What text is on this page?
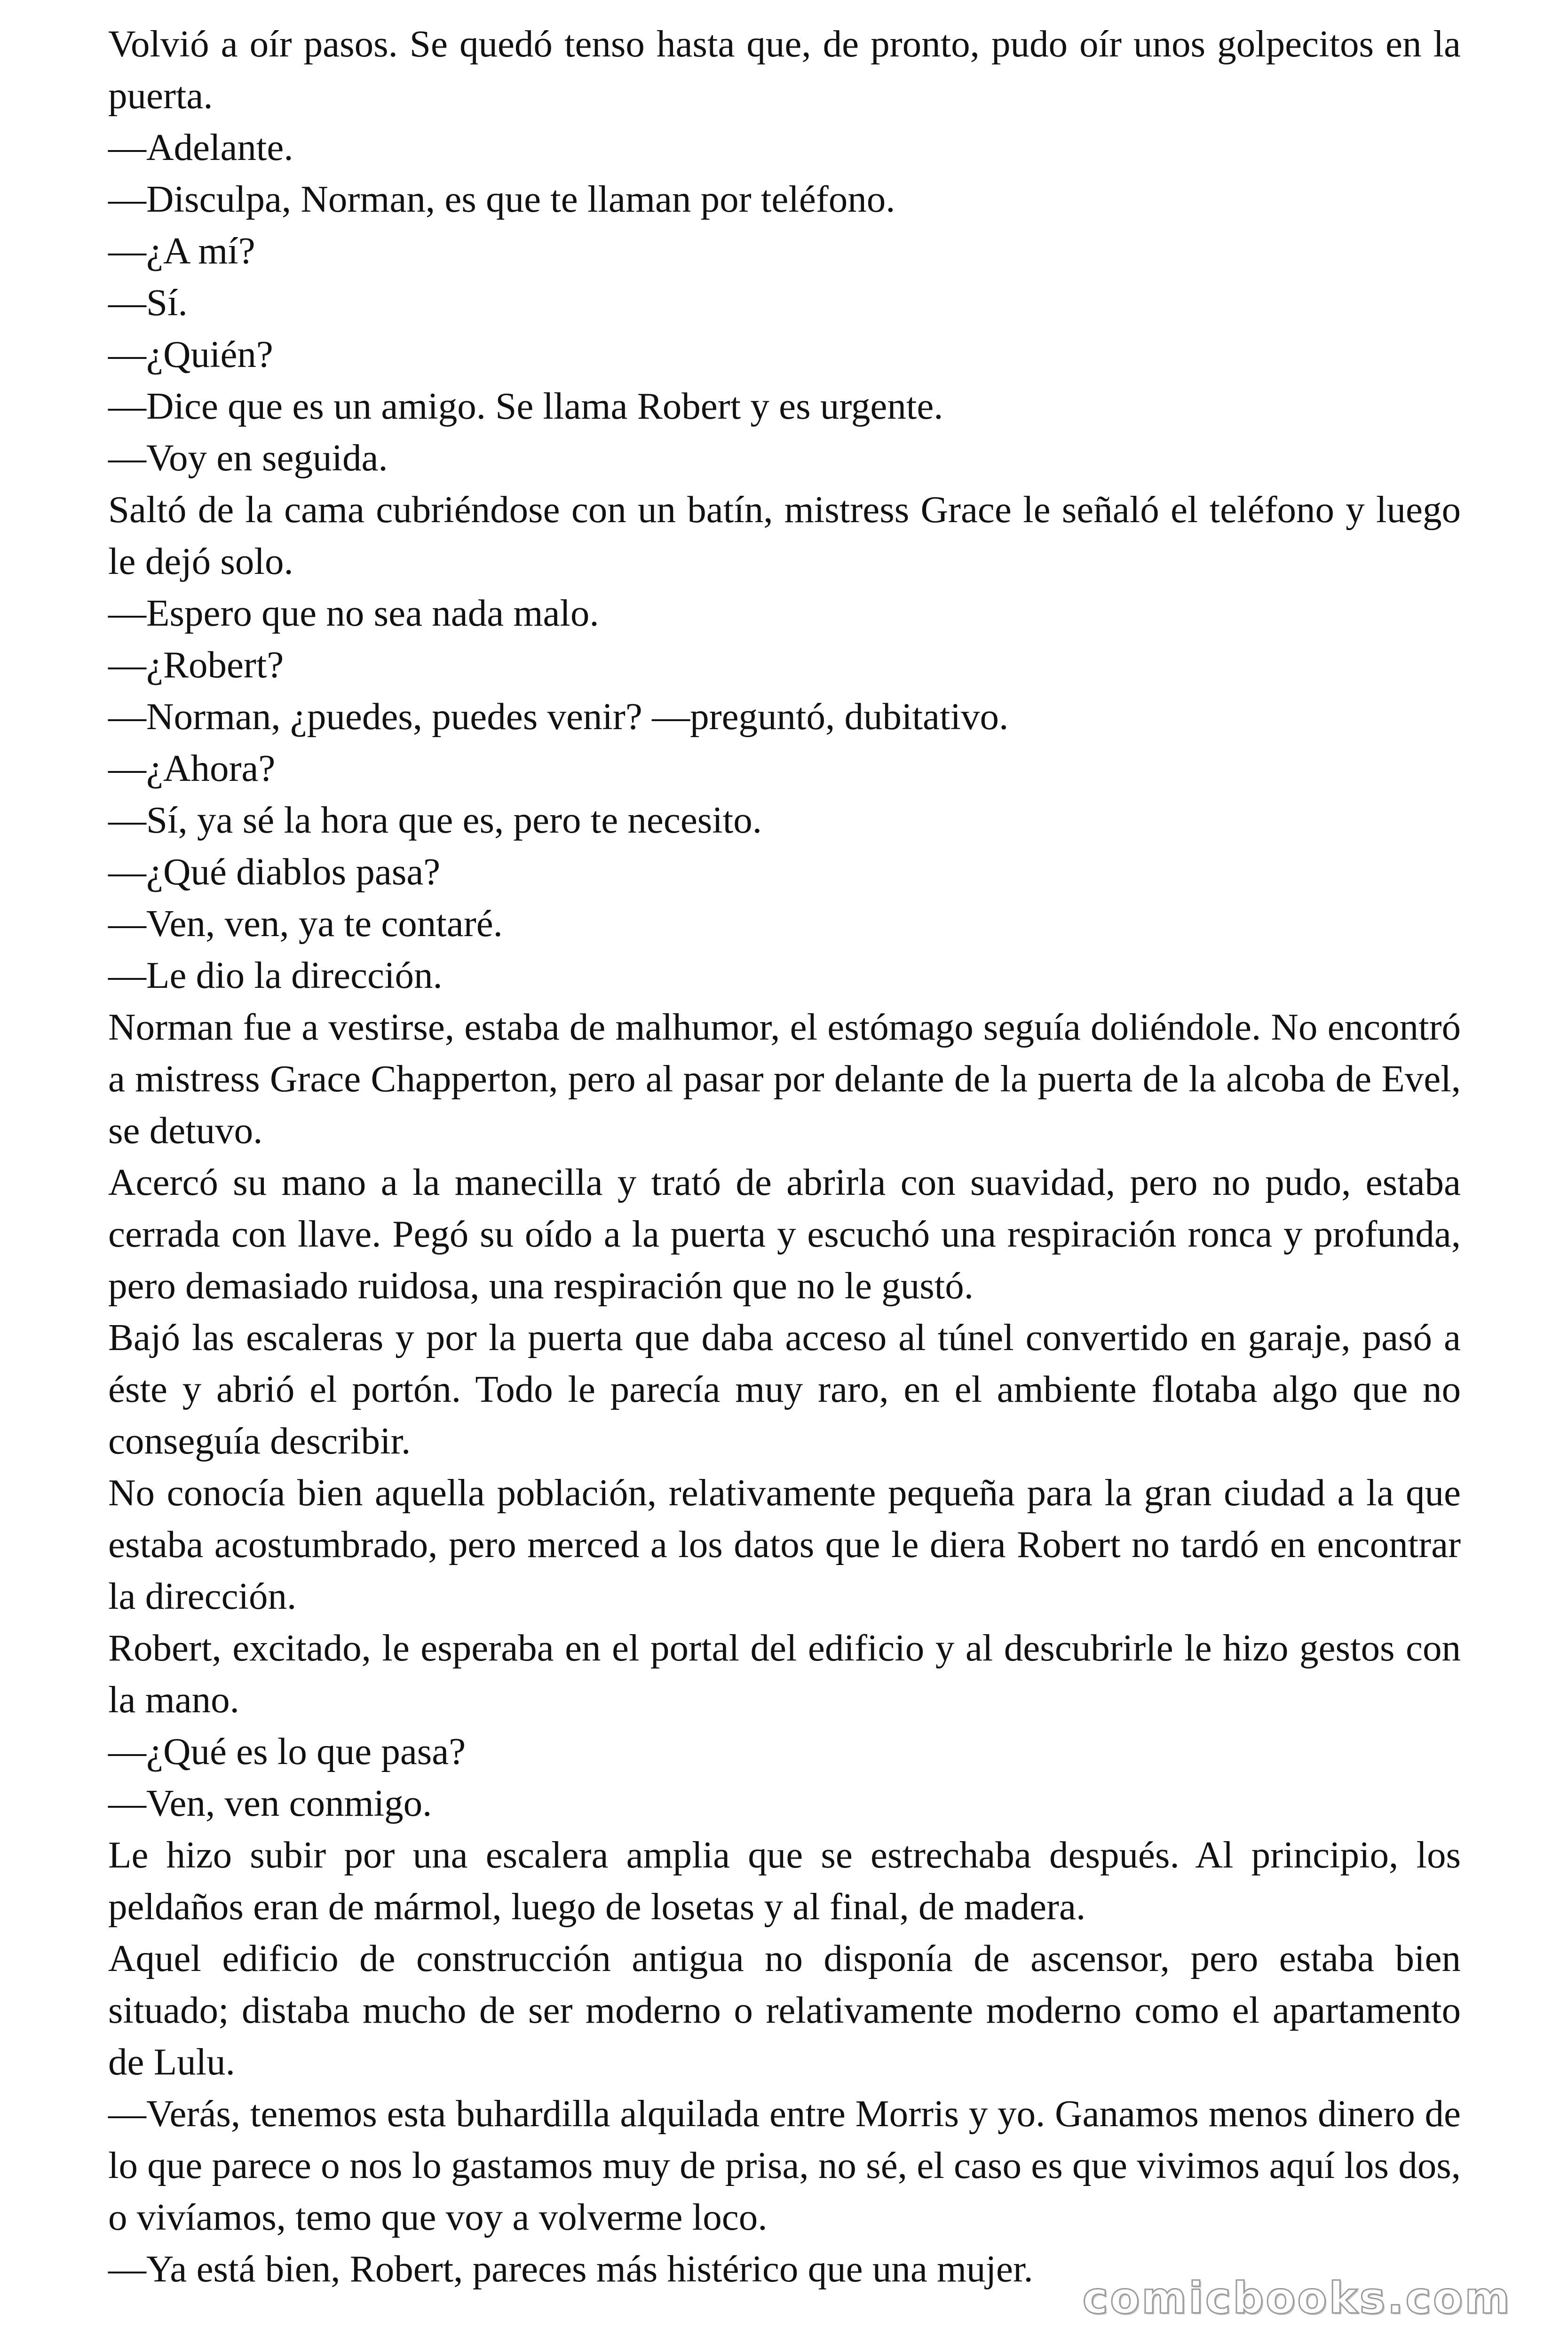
Volvió a oír pasos. Se quedó tenso hasta que, de pronto, pudo oír unos golpecitos en la puerta.

—Adelante.

—Disculpa, Norman, es que te llaman por teléfono.

—¿A mí?

—Sí.

—¿Quién?

—Dice que es un amigo. Se llama Robert y es urgente.

—Voy en seguida.

Saltó de la cama cubriéndose con un batín, mistress Grace le señaló el teléfono y luego le dejó solo.

—Espero que no sea nada malo.

—¿Robert?

—Norman, ¿puedes, puedes venir? —preguntó, dubitativo.

—¿Ahora?

—Sí, ya sé la hora que es, pero te necesito.

—¿Qué diablos pasa?

—Ven, ven, ya te contaré.

—Le dio la dirección.

Norman fue a vestirse, estaba de malhumor, el estómago seguía doliéndole. No encontró a mistress Grace Chapperton, pero al pasar por delante de la puerta de la alcoba de Evel, se detuvo.

Acercó su mano a la manecilla y trató de abrirla con suavidad, pero no pudo, estaba cerrada con llave. Pegó su oído a la puerta y escuchó una respiración ronca y profunda, pero demasiado ruidosa, una respiración que no le gustó.

Bajó las escaleras y por la puerta que daba acceso al túnel convertido en garaje, pasó a éste y abrió el portón. Todo le parecía muy raro, en el ambiente flotaba algo que no conseguía describir.

No conocía bien aquella población, relativamente pequeña para la gran ciudad a la que estaba acostumbrado, pero merced a los datos que le diera Robert no tardó en encontrar la dirección.

Robert, excitado, le esperaba en el portal del edificio y al descubrirle le hizo gestos con la mano.

—¿Qué es lo que pasa?

—Ven, ven conmigo.

Le hizo subir por una escalera amplia que se estrechaba después. Al principio, los peldaños eran de mármol, luego de losetas y al final, de madera.

Aquel edificio de construcción antigua no disponía de ascensor, pero estaba bien situado; distaba mucho de ser moderno o relativamente moderno como el apartamento de Lulu.

—Verás, tenemos esta buhardilla alquilada entre Morris y yo. Ganamos menos dinero de lo que parece o nos lo gastamos muy de prisa, no sé, el caso es que vivimos aquí los dos, o vivíamos, temo que voy a volverme loco.

—Ya está bien, Robert, pareces más histérico que una mujer.

comicbooks.com
